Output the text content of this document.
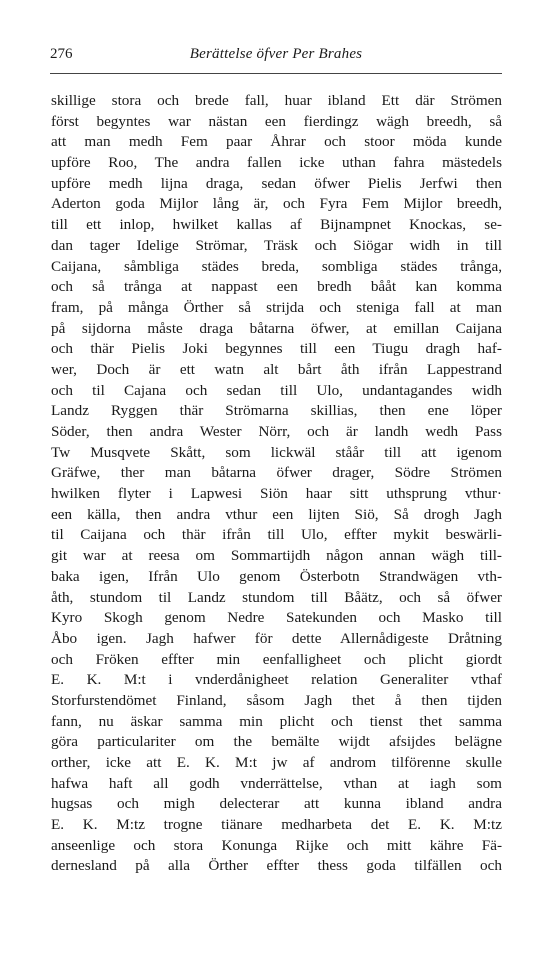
276	Berättelse öfver Per Brahes
skillige stora och brede fall, huar ibland Ett där Strömen
först begyntes war nästan een fierdingz wägh breedh, så
att man medh Fem paar Åhrar och stoor möda kunde
upföre Roo, The andra fallen icke uthan fahra mästedels
upföre medh lijna draga, sedan öfwer Pielis Jerfwi then
Aderton goda Mijlor lång är, och Fyra Fem Mijlor breedh,
till ett inlop, hwilket kallas af Bijnampnet Knockas, se-
dan tager Idelige Strömar, Träsk och Siögar widh in till
Caijana, såmbliga städes breda, sombliga städes trånga,
och så trånga at nappast een bredh bååt kan komma
fram, på många Örther så strijda och steniga fall at man
på sijdorna måste draga båtarna öfwer, at emillan Caijana
och thär Pielis Joki begynnes till een Tiugu dragh haf-
wer, Doch är ett watn alt bårt åth ifrån Lappestrand
och til Cajana och sedan till Ulo, undantagandes widh
Landz Ryggen thär Strömarna skillias, then ene löper
Söder, then andra Wester Nörr, och är landh wedh Pass
Tw Musqvete Skått, som lickwäl ståår till att igenom
Gräfwe, ther man båtarna öfwer drager, Södre Strömen
hwilken flyter i Lapwesi Siön haar sitt uthsprung vthur·
een källa, then andra vthur een lijten Siö, Så drogh Jagh
til Caijana och thär ifrån till Ulo, effter mykit beswärli-
git war at reesa om Sommartijdh någon annan wägh till-
baka igen, Ifrån Ulo genom Österbotn Strandwägen vth-
åth, stundom til Landz stundom till Båätz, och så öfwer
Kyro Skogh genom Nedre Satekunden och Masko till
Åbo igen. Jagh hafwer för dette Allernådigeste Dråtning
och Fröken effter min eenfalligheet och plicht giordt
E. K. M:t i vnderdånigheet relation Generaliter vthaf
Storfurstendömet Finland, såsom Jagh thet å then tijden
fann, nu äskar samma min plicht och tienst thet samma
göra particulariter om the bemälte wijdt afsijdes belägne
orther, icke att E. K. M:t jw af androm tilförenne skulle
hafwa haft all godh vnderrättelse, vthan at iagh som
hugsas och migh delecterar att kunna ibland andra
E. K. M:tz trogne tiänare medharbeta det E. K. M:tz
anseenlige och stora Konunga Rijke och mitt kähre Fä-
dernesland på alla Örther effter thess goda tilfällen och
